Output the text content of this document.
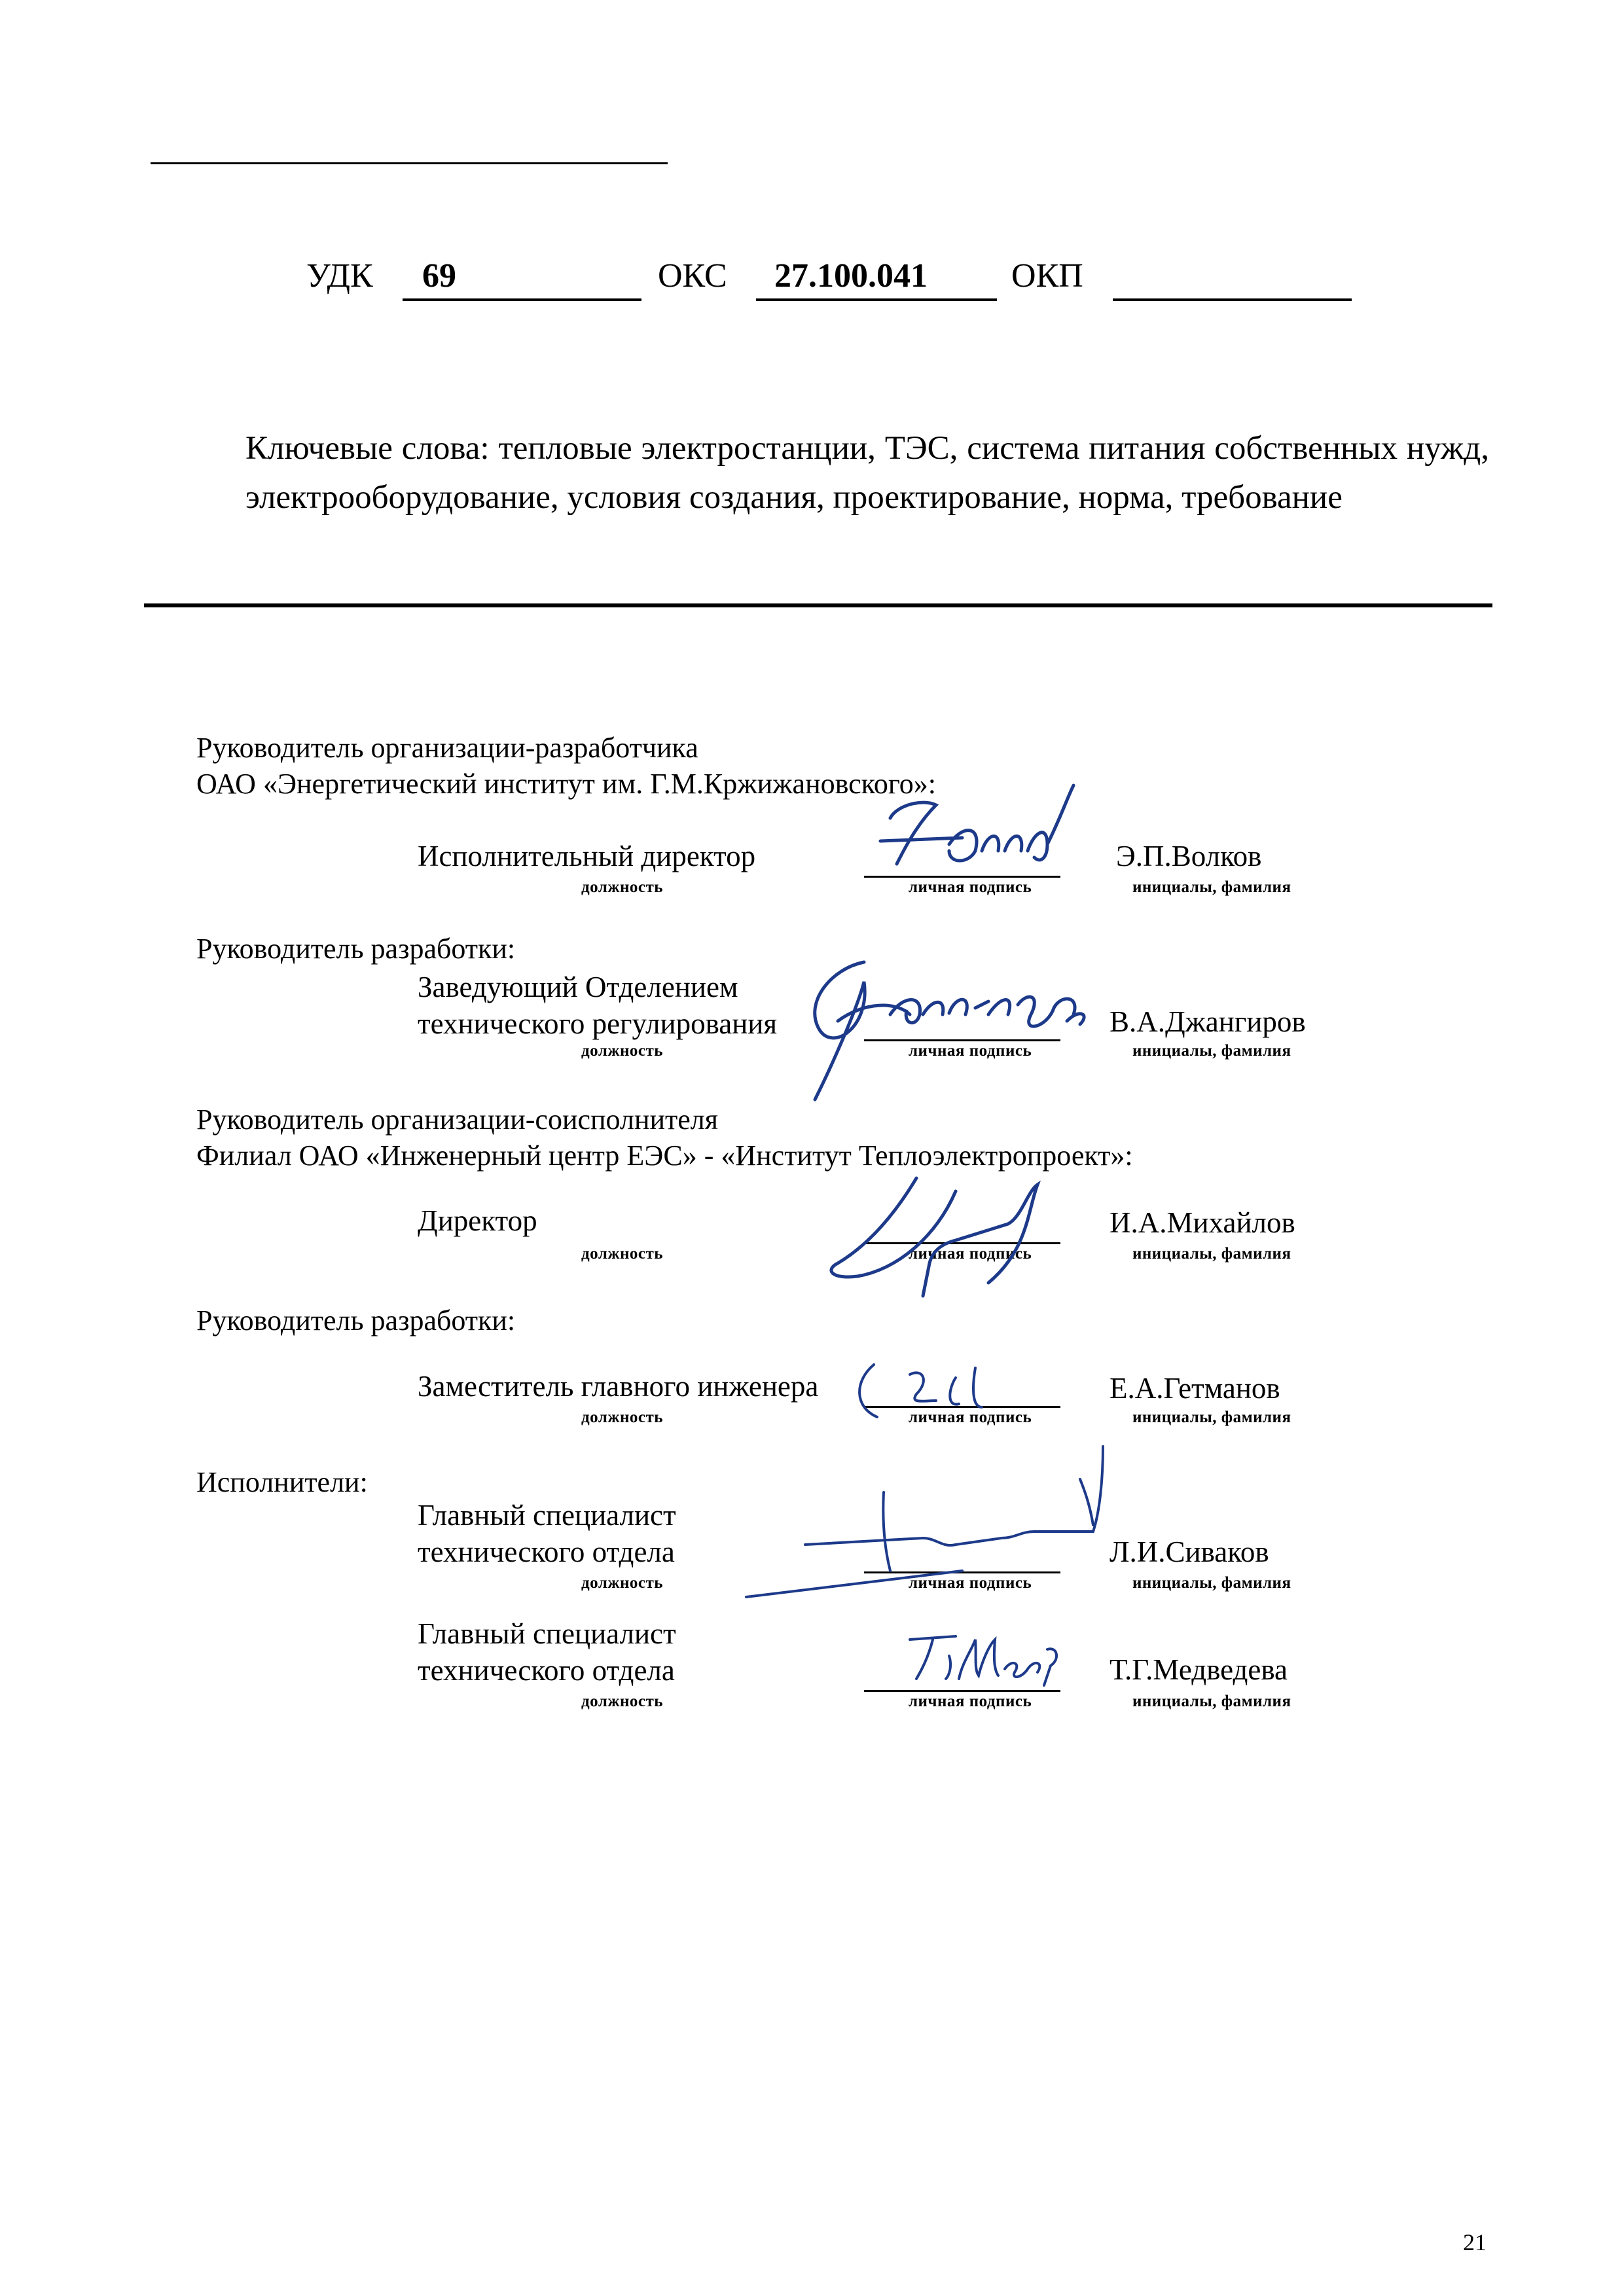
УДК 69	ОКС 27.100.041 ОКП
Ключевые слова: тепловые электростанции, ТЭС, система питания собственных нужд, электрооборудование, условия создания, проектирование, норма, требование
Руководитель организации-разработчика
ОАО «Энергетический институт им. Г.М.Кржижановского»:
Исполнительный директор
должность	личная подпись
Э.П.Волков
инициалы, фамилия
Руководитель разработки:
Заведующий Отделением
технического регулирования
должность	личная подпись
В.А.Джангиров
инициалы, фамилия
Руководитель организации-соисполнителя
Филиал ОАО «Инженерный центр ЕЭС» - «Институт Теплоэлектропроект»:
Директор
должность	личная подпись
И.А.Михайлов
инициалы, фамилия
Руководитель разработки:
Заместитель главного инженера
должность	личная подпись
Е.А.Гетманов
инициалы, фамилия
Исполнители:
Главный специалист
технического отдела
должность	личная подпись
Л.И.Сиваков
инициалы, фамилия
Главный специалист
технического отдела
должность	личная подпись
Т.Г.Медведева
инициалы, фамилия
21
